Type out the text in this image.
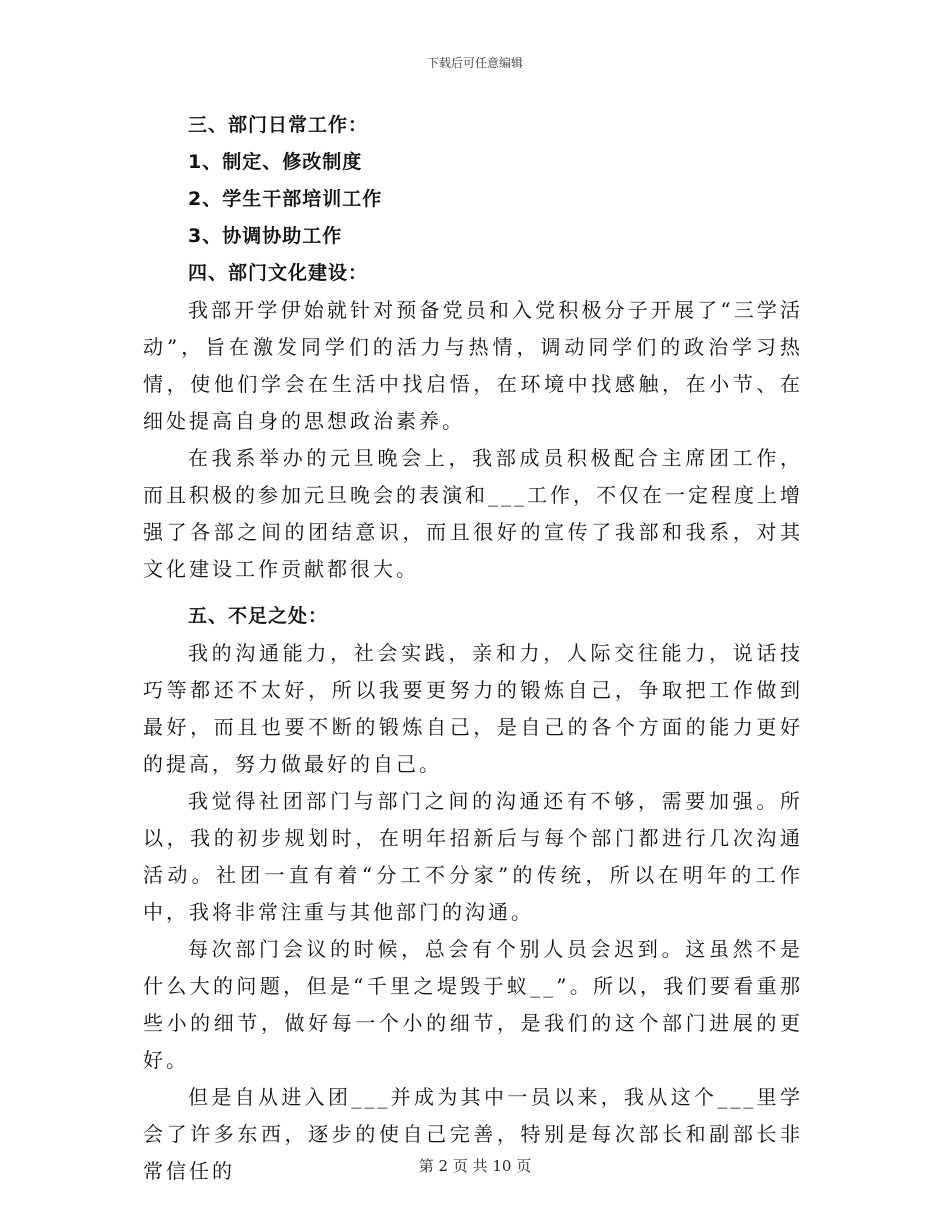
下载后可任意编辑
三、部门日常工作：
1、制定、修改制度
2、学生干部培训工作
3、协调协助工作
四、部门文化建设：

我部开学伊始就针对预备党员和入党积极分子开展了“三学活动”，旨在激发同学们的活力与热情，调动同学们的政治学习热情，使他们学会在生活中找启悟，在环境中找感触，在小节、在细处提高自身的思想政治素养。

在我系举办的元旦晚会上，我部成员积极配合主席团工作，而且积极的参加元旦晚会的表演和___工作，不仅在一定程度上增强了各部之间的团结意识，而且很好的宣传了我部和我系，对其文化建设工作贡献都很大。

五、不足之处：

我的沟通能力，社会实践，亲和力，人际交往能力，说话技巧等都还不太好，所以我要更努力的锻炼自己，争取把工作做到最好，而且也要不断的锻炼自己，是自己的各个方面的能力更好的提高，努力做最好的自己。

我觉得社团部门与部门之间的沟通还有不够，需要加强。所以，我的初步规划时，在明年招新后与每个部门都进行几次沟通活动。社团一直有着“分工不分家”的传统，所以在明年的工作中，我将非常注重与其他部门的沟通。

每次部门会议的时候，总会有个别人员会迟到。这虽然不是什么大的问题，但是“千里之堤毁于蚁__”。所以，我们要看重那些小的细节，做好每一个小的细节，是我们的这个部门进展的更好。

但是自从进入团___并成为其中一员以来，我从这个___里学会了许多东西，逐步的使自己完善，特别是每次部长和副部长非常信任的	第 2 页 共 10 页
